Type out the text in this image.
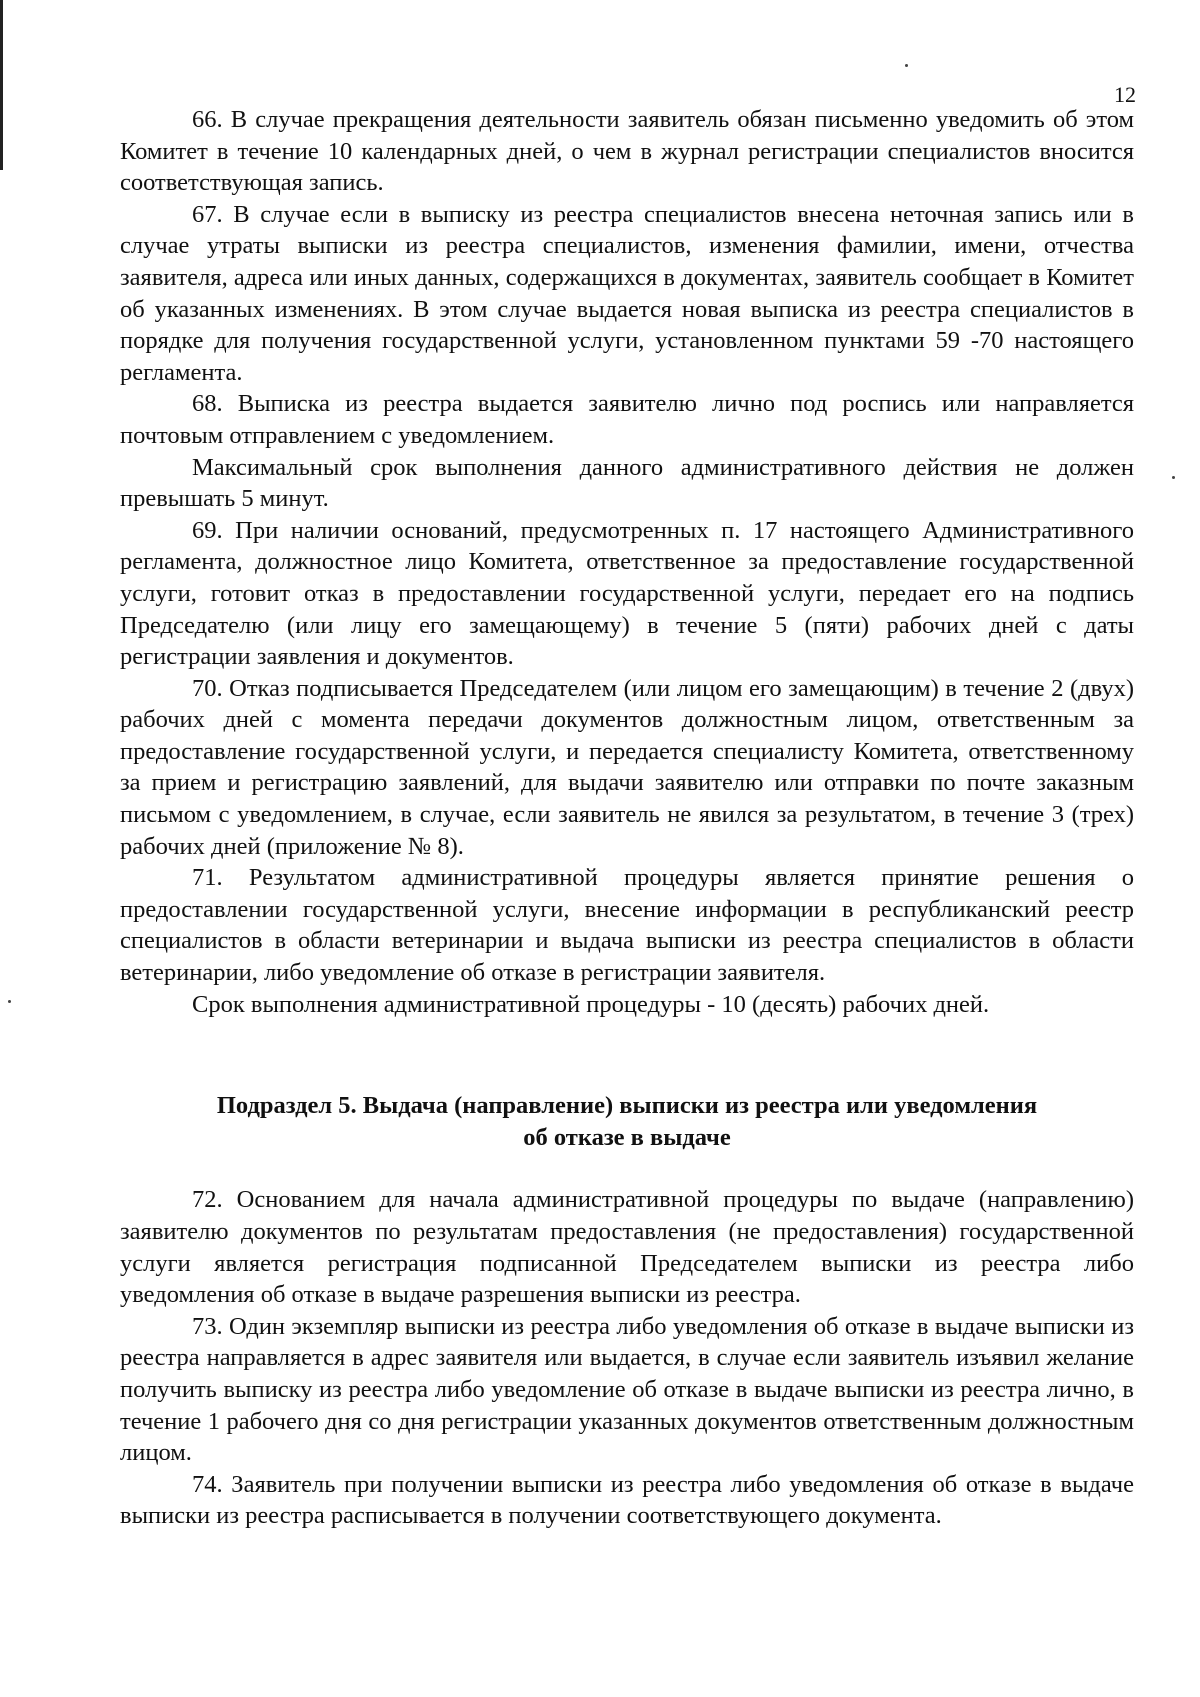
12

66. В случае прекращения деятельности заявитель обязан письменно уведомить об этом Комитет в течение 10 календарных дней, о чем в журнал регистрации специалистов вносится соответствующая запись.

67. В случае если в выписку из реестра специалистов внесена неточная запись или в случае утраты выписки из реестра специалистов, изменения фамилии, имени, отчества заявителя, адреса или иных данных, содержащихся в документах, заявитель сообщает в Комитет об указанных изменениях. В этом случае выдается новая выписка из реестра специалистов в порядке для получения государственной услуги, установленном пунктами 59 -70 настоящего регламента.

68. Выписка из реестра выдается заявителю лично под роспись или направляется почтовым отправлением с уведомлением.

Максимальный срок выполнения данного административного действия не должен превышать 5 минут.

69. При наличии оснований, предусмотренных п. 17 настоящего Административного регламента, должностное лицо Комитета, ответственное за предоставление государственной услуги, готовит отказ в предоставлении государственной услуги, передает его на подпись Председателю (или лицу его замещающему) в течение 5 (пяти) рабочих дней с даты регистрации заявления и документов.

70. Отказ подписывается Председателем (или лицом его замещающим) в течение 2 (двух) рабочих дней с момента передачи документов должностным лицом, ответственным за предоставление государственной услуги, и передается специалисту Комитета, ответственному за прием и регистрацию заявлений, для выдачи заявителю или отправки по почте заказным письмом с уведомлением, в случае, если заявитель не явился за результатом, в течение 3 (трех) рабочих дней (приложение № 8).

71. Результатом административной процедуры является принятие решения о предоставлении государственной услуги, внесение информации в республиканский реестр специалистов в области ветеринарии и выдача выписки из реестра специалистов в области ветеринарии, либо уведомление об отказе в регистрации заявителя.

Срок выполнения административной процедуры - 10 (десять) рабочих дней.

Подраздел 5. Выдача (направление) выписки из реестра или уведомления
об отказе в выдаче

72. Основанием для начала административной процедуры по выдаче (направлению) заявителю документов по результатам предоставления (не предоставления) государственной услуги является регистрация подписанной Председателем выписки из реестра либо уведомления об отказе в выдаче разрешения выписки из реестра.

73. Один экземпляр выписки из реестра либо уведомления об отказе в выдаче выписки из реестра направляется в адрес заявителя или выдается, в случае если заявитель изъявил желание получить выписку из реестра либо уведомление об отказе в выдаче выписки из реестра лично, в течение 1 рабочего дня со дня регистрации указанных документов ответственным должностным лицом.

74. Заявитель при получении выписки из реестра либо уведомления об отказе в выдаче выписки из реестра расписывается в получении соответствующего документа.
